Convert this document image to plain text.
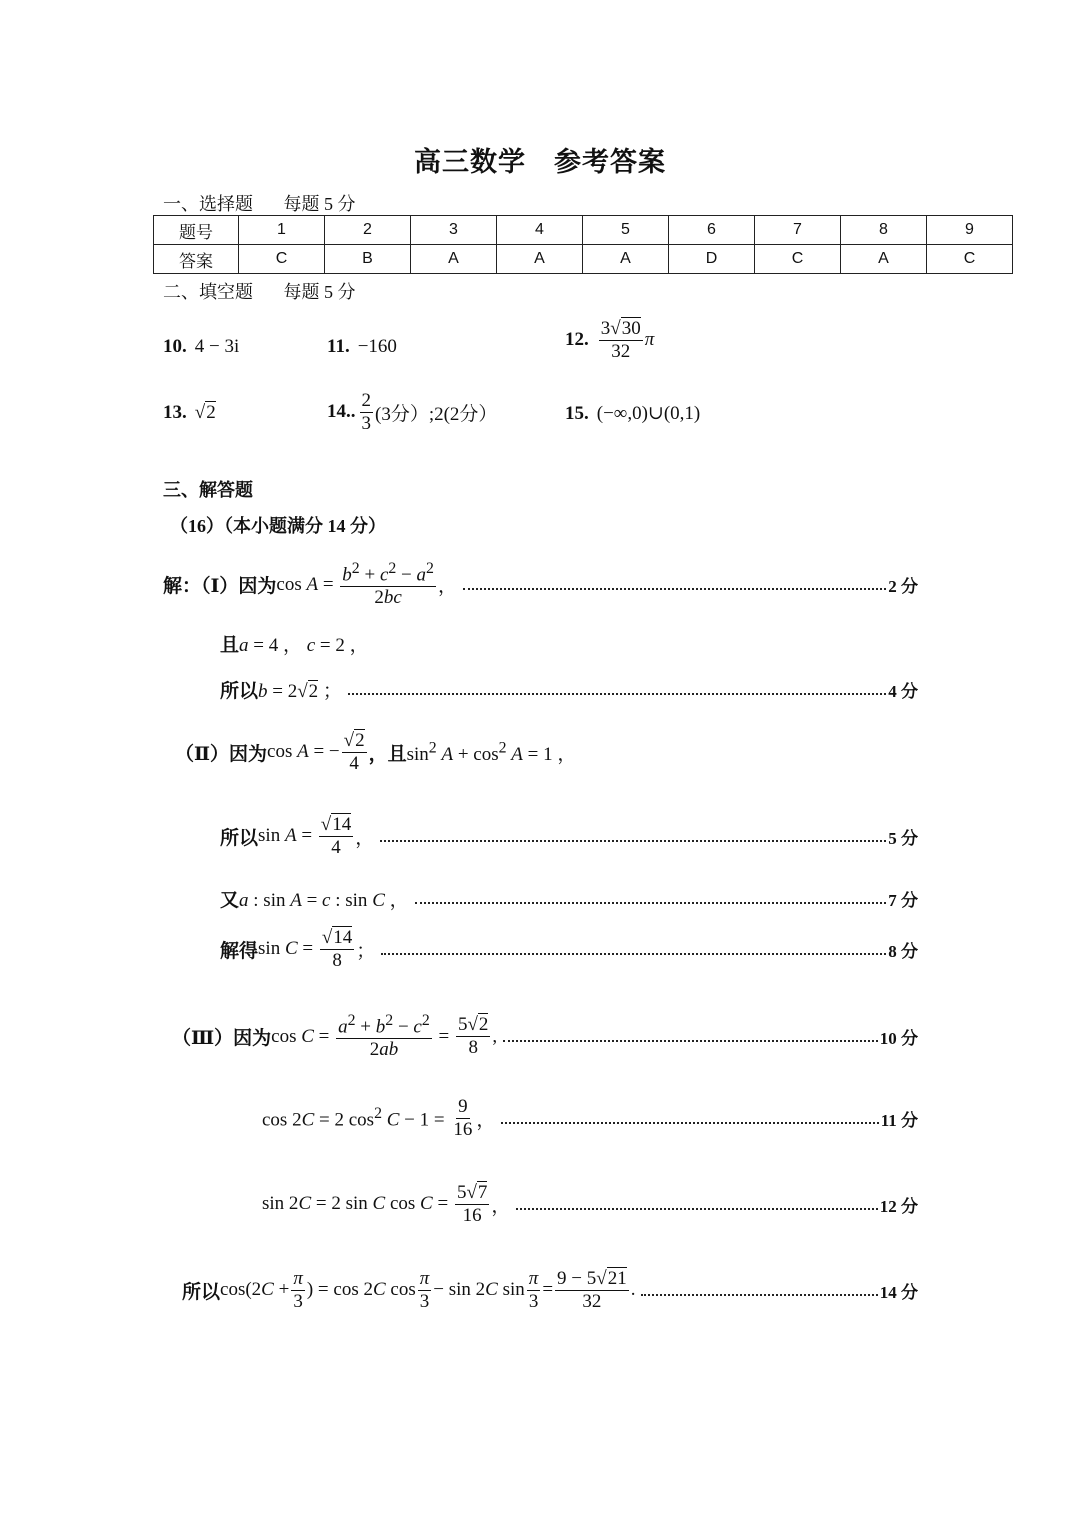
高三数学　参考答案
一、选择题 每题 5 分
题号	1	2	3	4	5	6	7	8	9
答案	C	B	A	A	A	D	C	A	C
二、填空题 每题 5 分
10. 4 − 3i	11. −160	12. $\frac{3√30}{32}$ π
13. √2	14.. $\frac{2}{3} (3$分）;2(2分）	15. (−∞,0)∪(0,1)
三、解答题
（16）（本小题满分 14 分）
解：（Ⅰ）因为 $\cos A = \frac{b^2 + c^2 - a^2}{2bc}$ ，	2 分
且 a = 4 ， c = 2 ，
所以 b = 2√2 ；	4 分
（Ⅱ）因为 cos A = − $\frac{√2}{4}$ ，且 $\sin^2 A + \cos^2 A = 1$ ，
所以 $\sin A = \frac{√14}{4}$ ，	5 分
又 a : sin A = c : sin C ，	7 分
解得 $\sin C = \frac{√14}{8}$ ；	8 分
（Ⅲ）因为 $\cos C = \frac{a^2 + b^2 - c^2}{2ab} = \frac{5√2}{8}$ ,	10 分
cos 2C = 2 $\cos^2 C - 1 = \frac{9}{16}$ ，	11 分
sin 2C = 2 sin C $\cos C = \frac{5√7}{16}$ ，	12 分
所以 $\cos(2C + \frac{\pi}{3}$ ) = cos 2C $\cos \frac{\pi}{3} - \sin 2C$ $\sin \frac{\pi}{3} = \frac{9 - 5√21}{32}$ .	14 分
